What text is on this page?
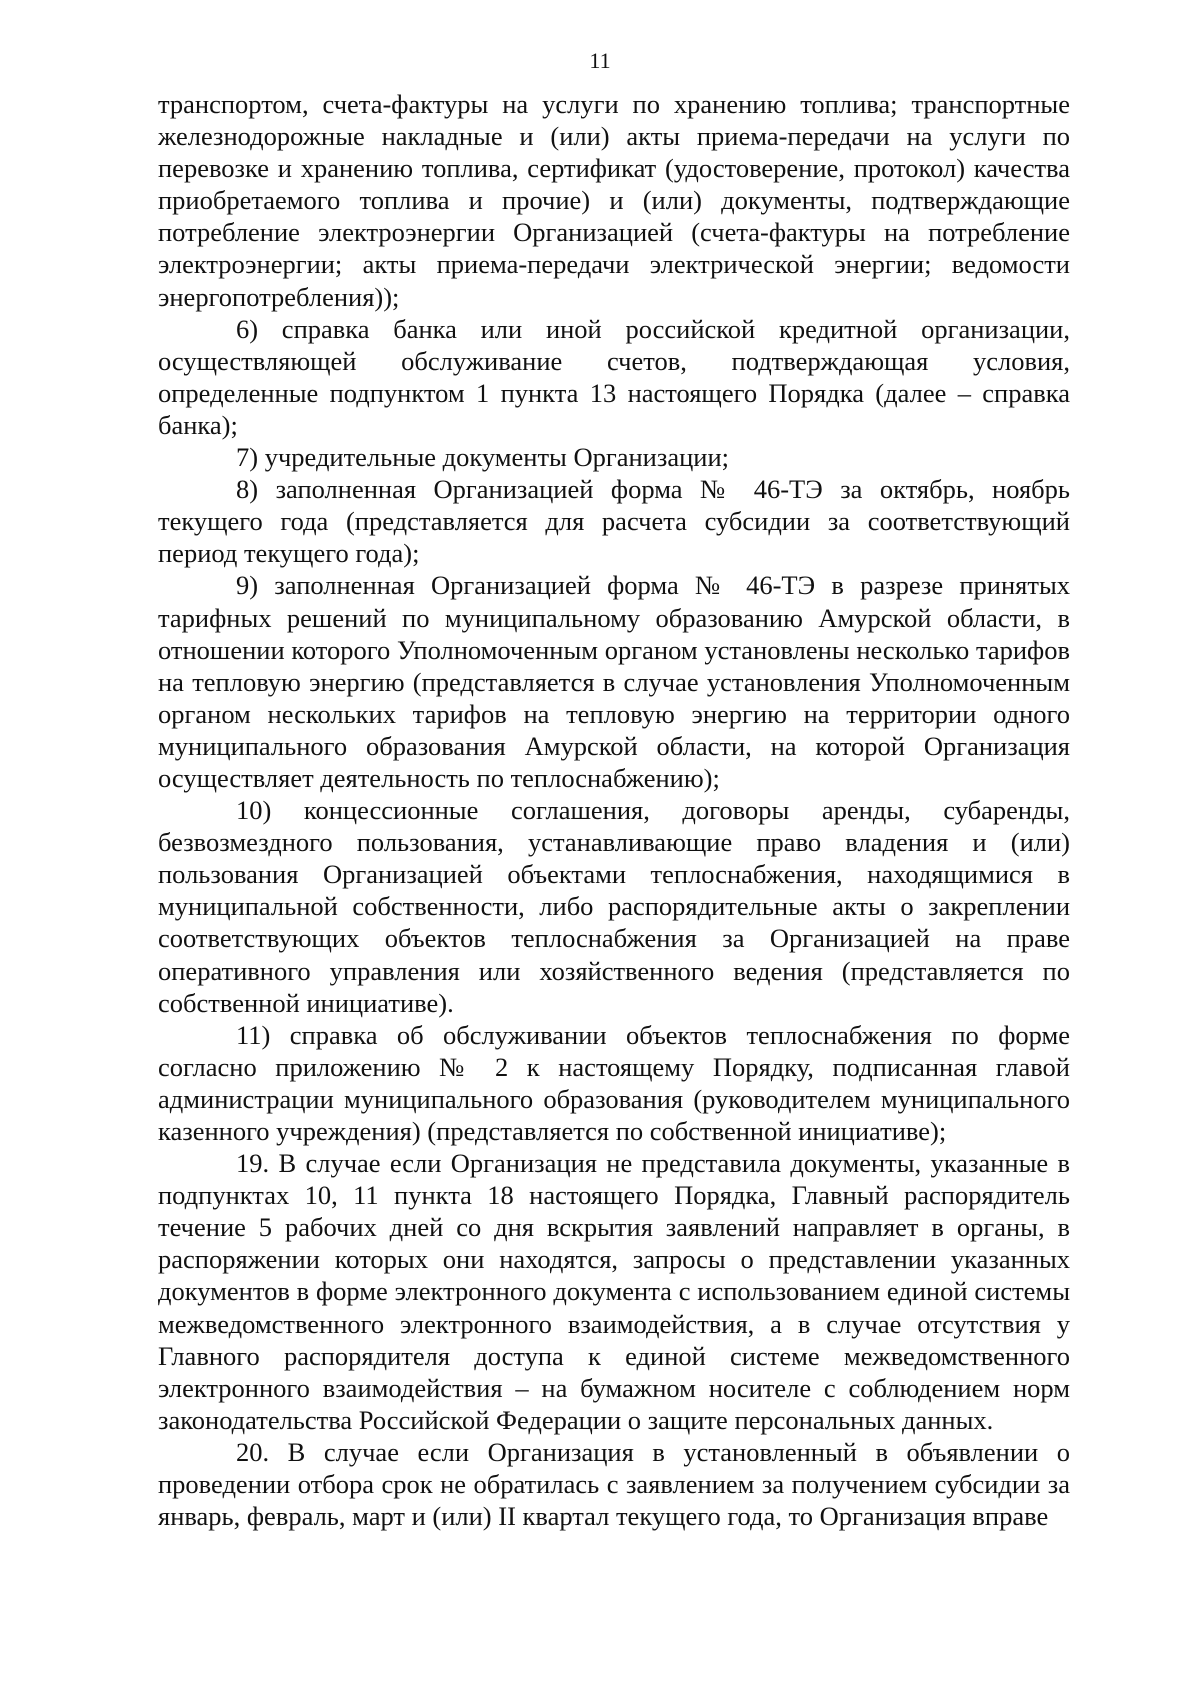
11

транспортом, счета-фактуры на услуги по хранению топлива; транспортные железнодорожные накладные и (или) акты приема-передачи на услуги по перевозке и хранению топлива, сертификат (удостоверение, протокол) качества приобретаемого топлива и прочие) и (или) документы, подтверждающие потребление электроэнергии Организацией (счета-фактуры на потребление электроэнергии; акты приема-передачи электрической энергии; ведомости энергопотребления));

6) справка банка или иной российской кредитной организации, осуществляющей обслуживание счетов, подтверждающая условия, определенные подпунктом 1 пункта 13 настоящего Порядка (далее – справка банка);

7) учредительные документы Организации;

8) заполненная Организацией форма № 46-ТЭ за октябрь, ноябрь текущего года (представляется для расчета субсидии за соответствующий период текущего года);

9) заполненная Организацией форма № 46-ТЭ в разрезе принятых тарифных решений по муниципальному образованию Амурской области, в отношении которого Уполномоченным органом установлены несколько тарифов на тепловую энергию (представляется в случае установления Уполномоченным органом нескольких тарифов на тепловую энергию на территории одного муниципального образования Амурской области, на которой Организация осуществляет деятельность по теплоснабжению);

10) концессионные соглашения, договоры аренды, субаренды, безвозмездного пользования, устанавливающие право владения и (или) пользования Организацией объектами теплоснабжения, находящимися в муниципальной собственности, либо распорядительные акты о закреплении соответствующих объектов теплоснабжения за Организацией на праве оперативного управления или хозяйственного ведения (представляется по собственной инициативе).

11) справка об обслуживании объектов теплоснабжения по форме согласно приложению № 2 к настоящему Порядку, подписанная главой администрации муниципального образования (руководителем муниципального казенного учреждения) (представляется по собственной инициативе);

19. В случае если Организация не представила документы, указанные в подпунктах 10, 11 пункта 18 настоящего Порядка, Главный распорядитель течение 5 рабочих дней со дня вскрытия заявлений направляет в органы, в распоряжении которых они находятся, запросы о представлении указанных документов в форме электронного документа с использованием единой системы межведомственного электронного взаимодействия, а в случае отсутствия у Главного распорядителя доступа к единой системе межведомственного электронного взаимодействия – на бумажном носителе с соблюдением норм законодательства Российской Федерации о защите персональных данных.

20. В случае если Организация в установленный в объявлении о проведении отбора срок не обратилась с заявлением за получением субсидии за январь, февраль, март и (или) II квартал текущего года, то Организация вправе
